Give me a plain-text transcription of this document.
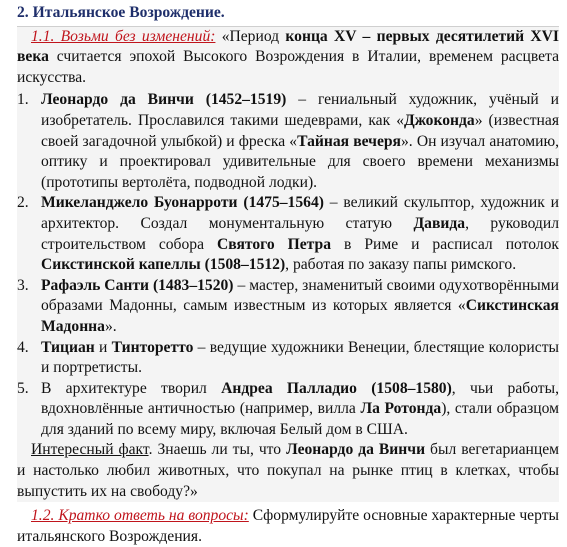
2. Итальянское Возрождение.

1.1. Возьми без изменений: «Период конца XV – первых десятилетий XVI века считается эпохой Высокого Возрождения в Италии, временем расцвета искусства.

1. Леонардо да Винчи (1452–1519) – гениальный художник, учёный и изобретатель. Прославился такими шедеврами, как «Джоконда» (известная своей загадочной улыбкой) и фреска «Тайная вечеря». Он изучал анатомию, оптику и проектировал удивительные для своего времени механизмы (прототипы вертолёта, подводной лодки).
2. Микеланджело Буонарроти (1475–1564) – великий скульптор, художник и архитектор. Создал монументальную статую Давида, руководил строительством собора Святого Петра в Риме и расписал потолок Сикстинской капеллы (1508–1512), работая по заказу папы римского.
3. Рафаэль Санти (1483–1520) – мастер, знаменитый своими одухотворёнными образами Мадонны, самым известным из которых является «Сикстинская Мадонна».
4. Тициан и Тинторетто – ведущие художники Венеции, блестящие колористы и портретисты.
5. В архитектуре творил Андреа Палладио (1508–1580), чьи работы, вдохновлённые античностью (например, вилла Ла Ротонда), стали образцом для зданий по всему миру, включая Белый дом в США.

Интересный факт. Знаешь ли ты, что Леонардо да Винчи был вегетарианцем и настолько любил животных, что покупал на рынке птиц в клетках, чтобы выпустить их на свободу?»

1.2. Кратко ответь на вопросы: Сформулируйте основные характерные черты итальянского Возрождения.
